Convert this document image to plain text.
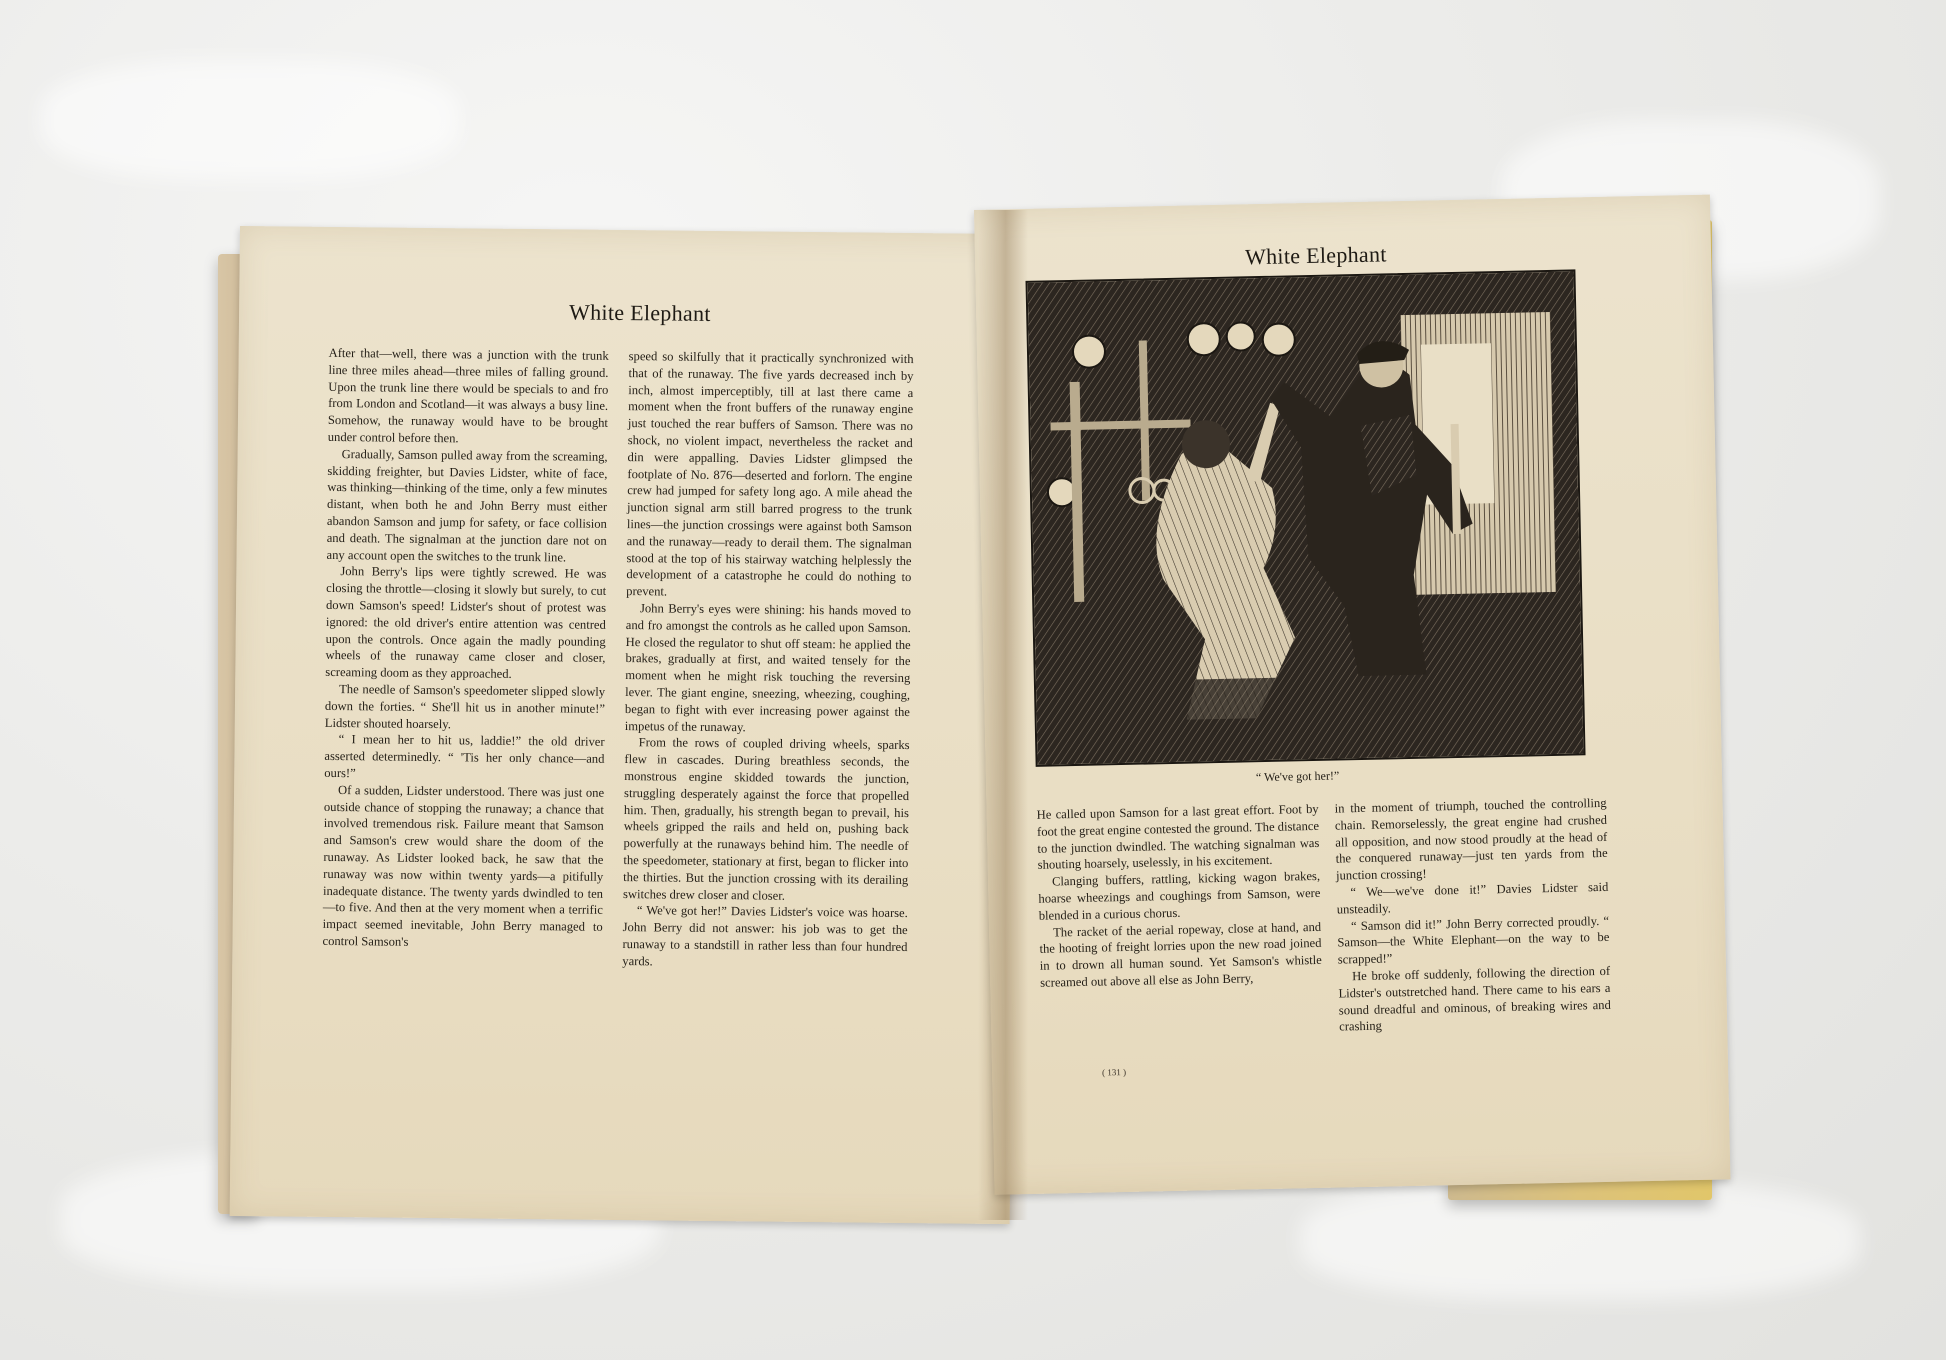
White Elephant

After that—well, there was a junction with the trunk line three miles ahead—three miles of falling ground. Upon the trunk line there would be specials to and fro from London and Scotland—it was always a busy line. Somehow, the runaway would have to be brought under control before then.

Gradually, Samson pulled away from the screaming, skidding freighter, but Davies Lidster, white of face, was thinking—thinking of the time, only a few minutes distant, when both he and John Berry must either abandon Samson and jump for safety, or face collision and death. The signalman at the junction dare not on any account open the switches to the trunk line.

John Berry's lips were tightly screwed. He was closing the throttle—closing it slowly but surely, to cut down Samson's speed! Lidster's shout of protest was ignored: the old driver's entire attention was centred upon the controls. Once again the madly pounding wheels of the runaway came closer and closer, screaming doom as they approached.

The needle of Samson's speedometer slipped slowly down the forties. “ She'll hit us in another minute!” Lidster shouted hoarsely.

“ I mean her to hit us, laddie!” the old driver asserted determinedly. “ 'Tis her only chance—and ours!”

Of a sudden, Lidster understood. There was just one outside chance of stopping the runaway; a chance that involved tremendous risk. Failure meant that Samson and Samson's crew would share the doom of the runaway. As Lidster looked back, he saw that the runaway was now within twenty yards—a pitifully inadequate distance. The twenty yards dwindled to ten—to five. And then at the very moment when a terrific impact seemed inevitable, John Berry managed to control Samson's

speed so skilfully that it practically synchronized with that of the runaway. The five yards decreased inch by inch, almost imperceptibly, till at last there came a moment when the front buffers of the runaway engine just touched the rear buffers of Samson. There was no shock, no violent impact, nevertheless the racket and din were appalling. Davies Lidster glimpsed the footplate of No. 876—deserted and forlorn. The engine crew had jumped for safety long ago. A mile ahead the junction signal arm still barred progress to the trunk lines—the junction crossings were against both Samson and the runaway—ready to derail them. The signalman stood at the top of his stairway watching helplessly the development of a catastrophe he could do nothing to prevent.

John Berry's eyes were shining: his hands moved to and fro amongst the controls as he called upon Samson. He closed the regulator to shut off steam: he applied the brakes, gradually at first, and waited tensely for the moment when he might risk touching the reversing lever. The giant engine, sneezing, wheezing, coughing, began to fight with ever increasing power against the impetus of the runaway.

From the rows of coupled driving wheels, sparks flew in cascades. During breathless seconds, the monstrous engine skidded towards the junction, struggling desperately against the force that propelled him. Then, gradually, his strength began to prevail, his wheels gripped the rails and held on, pushing back powerfully at the runaways behind him. The needle of the speedometer, stationary at first, began to flicker into the thirties. But the junction crossing with its derailing switches drew closer and closer.

“ We've got her!” Davies Lidster's voice was hoarse. John Berry did not answer: his job was to get the runaway to a standstill in rather less than four hundred yards.

White Elephant
“ We've got her!”

He called upon Samson for a last great effort. Foot by foot the great engine contested the ground. The distance to the junction dwindled. The watching signalman was shouting hoarsely, uselessly, in his excitement.

Clanging buffers, rattling, kicking wagon brakes, hoarse wheezings and coughings from Samson, were blended in a curious chorus.

The racket of the aerial ropeway, close at hand, and the hooting of freight lorries upon the new road joined in to drown all human sound. Yet Samson's whistle screamed out above all else as John Berry,

in the moment of triumph, touched the controlling chain. Remorselessly, the great engine had crushed all opposition, and now stood proudly at the head of the conquered runaway—just ten yards from the junction crossing!

“ We—we've done it!” Davies Lidster said unsteadily.

“ Samson did it!” John Berry corrected proudly. “ Samson—the White Elephant—on the way to be scrapped!”

He broke off suddenly, following the direction of Lidster's outstretched hand. There came to his ears a sound dreadful and ominous, of breaking wires and crashing

( 131 )
